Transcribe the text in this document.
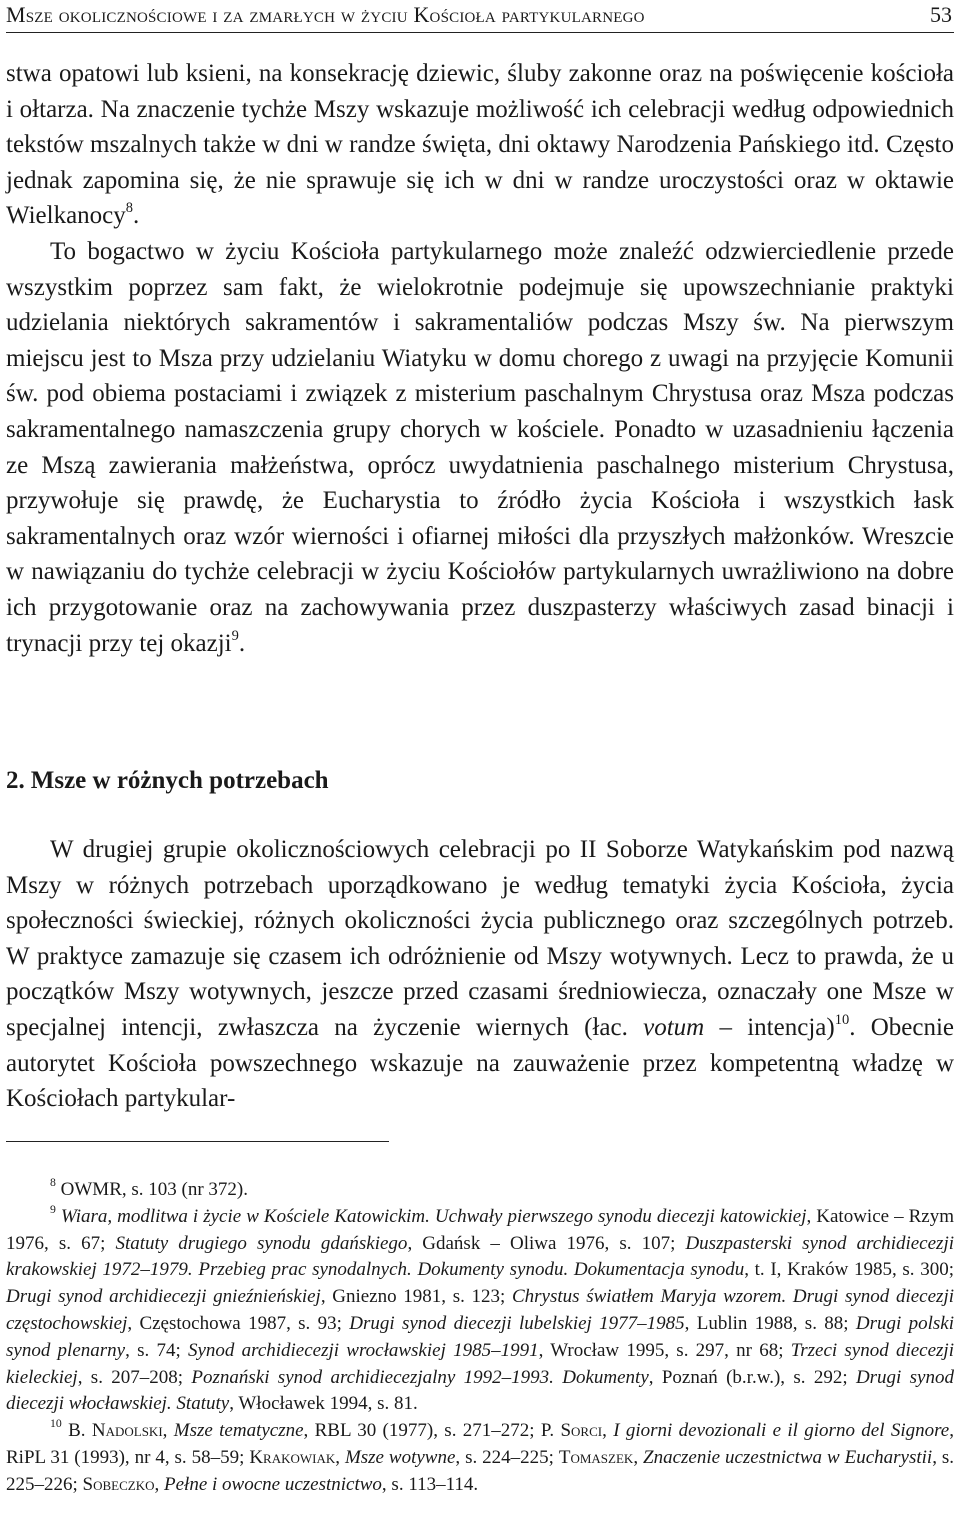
Msze okolicznościowe i za zmarłych w życiu Kościoła partykularnego	53

stwa opatowi lub ksieni, na konsekrację dziewic, śluby zakonne oraz na poświęcenie kościoła i ołtarza. Na znaczenie tychże Mszy wskazuje możliwość ich celebracji według odpowiednich tekstów mszalnych także w dni w randze święta, dni oktawy Narodzenia Pańskiego itd. Często jednak zapomina się, że nie sprawuje się ich w dni w randze uroczystości oraz w oktawie Wielkanocy$^8$.

To bogactwo w życiu Kościoła partykularnego może znaleźć odzwierciedlenie przede wszystkim poprzez sam fakt, że wielokrotnie podejmuje się upowszechnianie praktyki udzielania niektórych sakramentów i sakramentaliów podczas Mszy św. Na pierwszym miejscu jest to Msza przy udzielaniu Wiatyku w domu chorego z uwagi na przyjęcie Komunii św. pod obiema postaciami i związek z misterium paschalnym Chrystusa oraz Msza podczas sakramentalnego namaszczenia grupy chorych w kościele. Ponadto w uzasadnieniu łączenia ze Mszą zawierania małżeństwa, oprócz uwydatnienia paschalnego misterium Chrystusa, przywołuje się prawdę, że Eucharystia to źródło życia Kościoła i wszystkich łask sakramentalnych oraz wzór wierności i ofiarnej miłości dla przyszłych małżonków. Wreszcie w nawiązaniu do tychże celebracji w życiu Kościołów partykularnych uwrażliwiono na dobre ich przygotowanie oraz na zachowywania przez duszpasterzy właściwych zasad binacji i trynacji przy tej okazji$^9$.

2. Msze w różnych potrzebach

W drugiej grupie okolicznościowych celebracji po II Soborze Watykańskim pod nazwą Mszy w różnych potrzebach uporządkowano je według tematyki życia Kościoła, życia społeczności świeckiej, różnych okoliczności życia publicznego oraz szczególnych potrzeb. W praktyce zamazuje się czasem ich odróżnienie od Mszy wotywnych. Lecz to prawda, że u początków Mszy wotywnych, jeszcze przed czasami średniowiecza, oznaczały one Msze w specjalnej intencji, zwłaszcza na życzenie wiernych (łac. votum – intencja)$^{10}$. Obecnie autorytet Kościoła powszechnego wskazuje na zauważenie przez kompetentną władzę w Kościołach partykular-

$^8$ OWMR, s. 103 (nr 372).

$^9$ Wiara, modlitwa i życie w Kościele Katowickim. Uchwały pierwszego synodu diecezji katowickiej, Katowice – Rzym 1976, s. 67; Statuty drugiego synodu gdańskiego, Gdańsk – Oliwa 1976, s. 107; Duszpasterski synod archidiecezji krakowskiej 1972–1979. Przebieg prac synodalnych. Dokumenty synodu. Dokumentacja synodu, t. I, Kraków 1985, s. 300; Drugi synod archidiecezji gnieźnieńskiej, Gniezno 1981, s. 123; Chrystus światłem Maryja wzorem. Drugi synod diecezji częstochowskiej, Częstochowa 1987, s. 93; Drugi synod diecezji lubelskiej 1977–1985, Lublin 1988, s. 88; Drugi polski synod plenarny, s. 74; Synod archidiecezji wrocławskiej 1985–1991, Wrocław 1995, s. 297, nr 68; Trzeci synod diecezji kieleckiej, s. 207–208; Poznański synod archidiecezjalny 1992–1993. Dokumenty, Poznań (b.r.w.), s. 292; Drugi synod diecezji włocławskiej. Statuty, Włocławek 1994, s. 81.

$^{10}$ B. Nadolski, Msze tematyczne, RBL 30 (1977), s. 271–272; P. Sorci, I giorni devozionali e il giorno del Signore, RiPL 31 (1993), nr 4, s. 58–59; Krakowiak, Msze wotywne, s. 224–225; Tomaszek, Znaczenie uczestnictwa w Eucharystii, s. 225–226; Sobeczko, Pełne i owocne uczestnictwo, s. 113–114.
